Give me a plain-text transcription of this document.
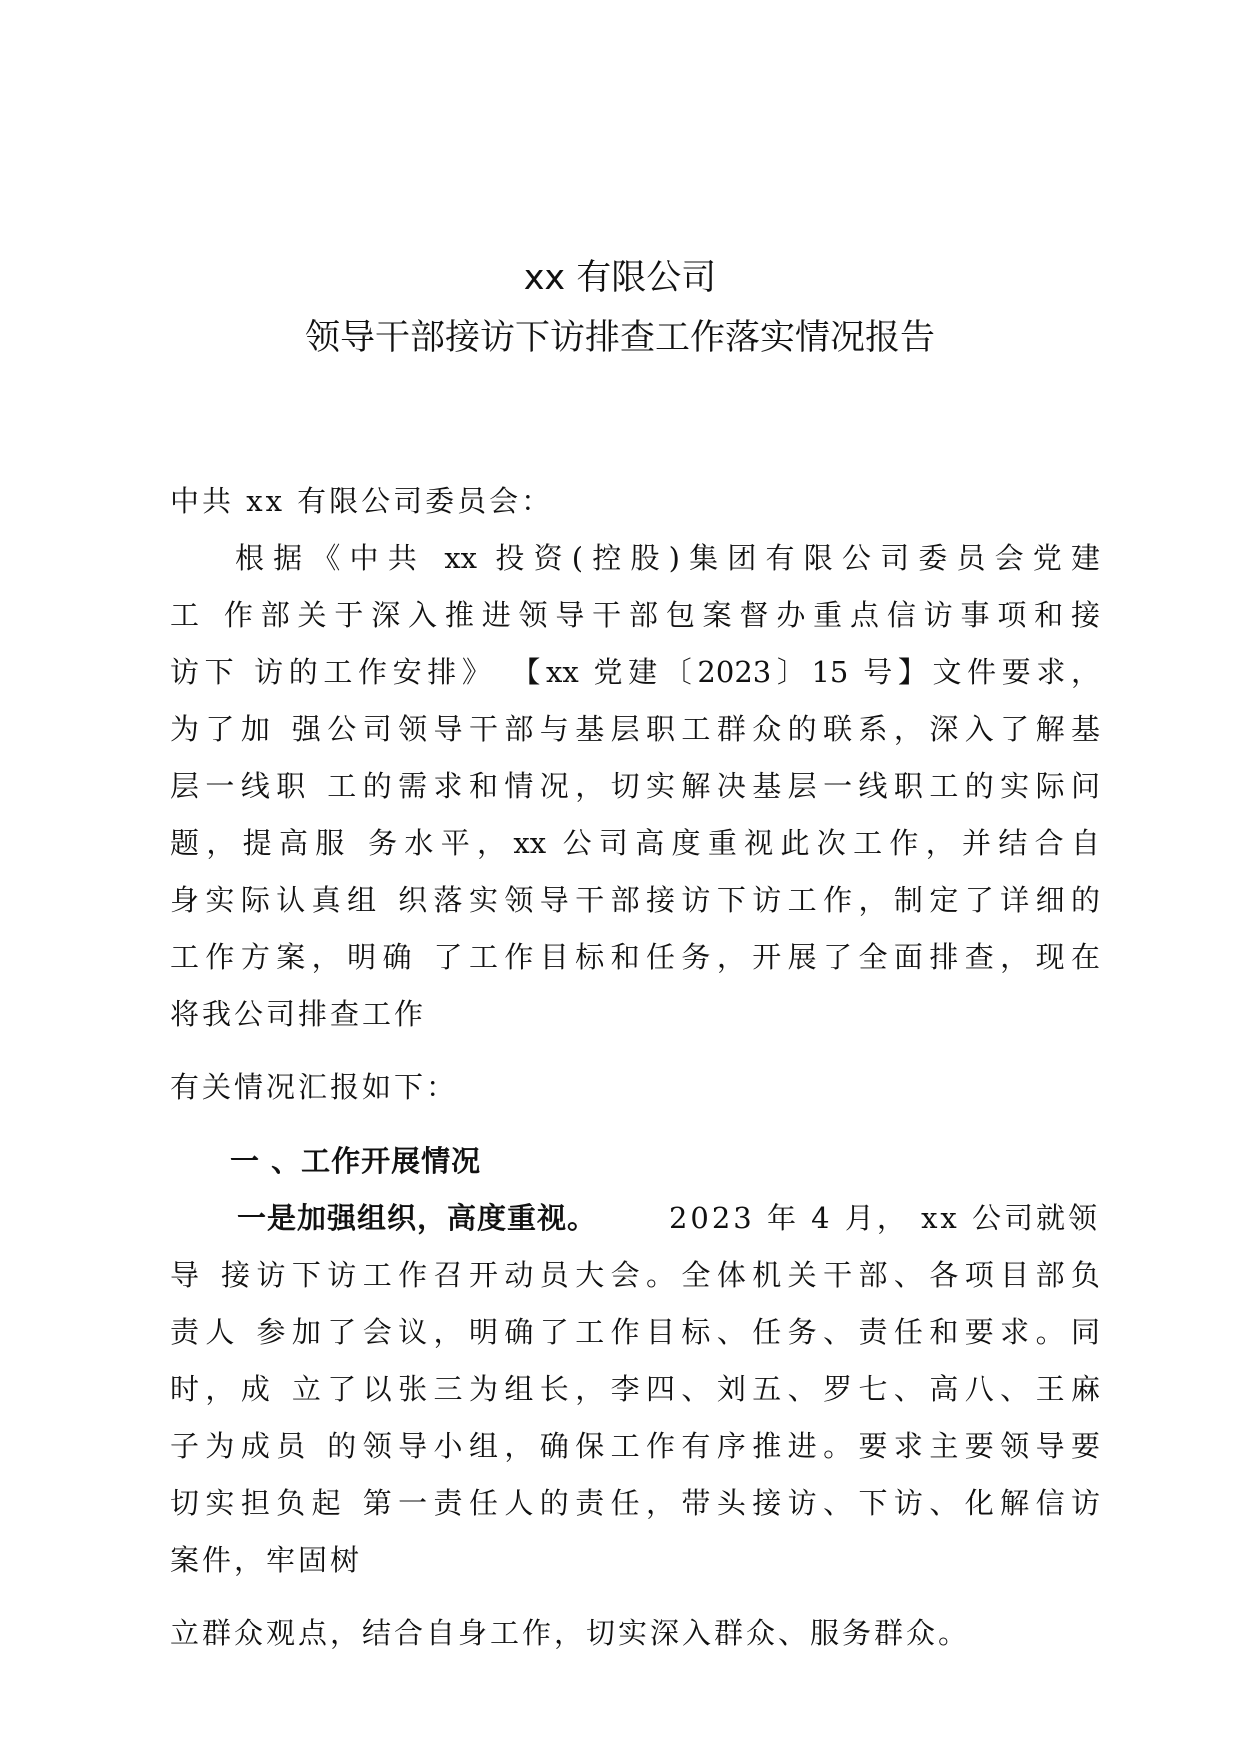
xx 有限公司
领导干部接访下访排查工作落实情况报告
中共 xx 有限公司委员会：
根据《中共 xx 投资(控股)集团有限公司委员会党建
工 作部关于深入推进领导干部包案督办重点信访事项和接
访下 访的工作安排》 【xx 党建〔2023〕15 号】文件要求，
为了加 强公司领导干部与基层职工群众的联系，深入了解基
层一线职 工的需求和情况，切实解决基层一线职工的实际问
题，提高服 务水平，xx 公司高度重视此次工作，并结合自
身实际认真组 织落实领导干部接访下访工作，制定了详细的
工作方案，明确 了工作目标和任务，开展了全面排查，现在
将我公司排查工作
有关情况汇报如下：
一 、工作开展情况
一是加强组织，高度重视。 2023 年 4 月， xx 公司就领
导 接访下访工作召开动员大会。全体机关干部、各项目部负
责人 参加了会议，明确了工作目标、任务、责任和要求。同
时，成 立了以张三为组长，李四、刘五、罗七、高八、王麻
子为成员 的领导小组，确保工作有序推进。要求主要领导要
切实担负起 第一责任人的责任，带头接访、下访、化解信访
案件，牢固树
立群众观点，结合自身工作，切实深入群众、服务群众。
